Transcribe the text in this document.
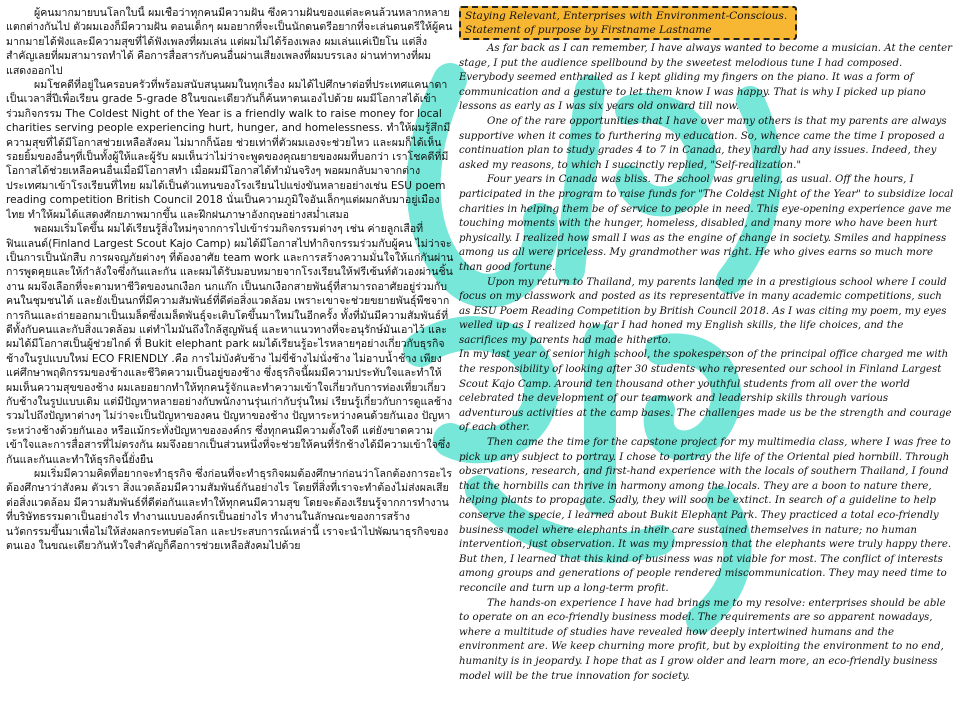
ผู้คนมากมายบนโลกใบนี้ ผมเชื่อว่าทุกคนมีความฝัน ซึ่งความฝันของแต่ละคนล้วนหลากหลาย แตกต่างกันไป ตัวผมเองก็มีความฝัน ตอนเด็กๆ ผมอยากที่จะเป็นนักดนตรีอยากที่จะเล่นดนตรีให้ผู้คนมากมายได้ฟังและมีความสุขที่ได้ฟังเพลงที่ผมเล่น แต่ผมไม่ได้ร้องเพลง ผมเล่นแค่เปียโน แต่สิ่งสำคัญเลยที่ผมสามารถทำได้ คือการสื่อสารกับคนอื่นผ่านเสียงเพลงที่ผมบรรเลง ผ่านท่าทางที่ผมแสดงออกไป

ผมโชคดีที่อยู่ในครอบครัวที่พร้อมสนับสนุนผมในทุกเรื่อง ผมได้ไปศึกษาต่อที่ประเทศแคนาดา เป็นเวลาสี่ปีเพื่อเรียน grade 5-grade 8ในขณะเดียวกันก็ค้นหาตนเองไปด้วย ผมมีโอกาสได้เข้าร่วมกิจกรรม The Coldest Night of the Year is a friendly walk to raise money for local charities serving people experiencing hurt, hunger, and homelessness. ทำให้ผมรู้สึกมีความสุขที่ได้มีโอกาสช่วยเหลือสังคม ไม่มากก็น้อย ช่วยเท่าที่ตัวผมเองจะช่วยไหว และผมก็ได้เห็นรอยยิ้มของอื่นๆที่เป็นทั้งผู้ให้และผู้รับ ผมเห็นว่าไม่ว่าจะพูดของคุณยายของผมที่บอกว่า เราโชคดีที่มีโอกาสได้ช่วยเหลือคนอื่นเมื่อมีโอกาสทำ เมื่อผมมีโอกาสได้ทำมันจริงๆ พอผมกลับมาจากต่างประเทศมาเข้าโรงเรียนที่ไทย ผมได้เป็นตัวแทนของโรงเรียนไปแข่งขันหลายอย่างเช่น ESU poem reading competition British Council 2018 นั่นเป็นความภูมิใจอันเล็กๆแต่ผมกลับมาอยู่เมืองไทย ทำให้ผมได้แสดงศักยภาพมากขึ้น และฝึกฝนภาษาอังกฤษอย่างสม่ำเสมอ

พอผมเริ่มโตขึ้น ผมได้เรียนรู้สิ่งใหม่ๆจากการไปเข้าร่วมกิจกรรมต่างๆ เช่น ค่ายลูกเสือที่ฟินแลนด์(Finland Largest Scout Kajo Camp) ผมได้มีโอกาสไปทำกิจกรรมร่วมกับผู้คน ไม่ว่าจะเป็นการเป็นนักสืบ การผจญภัยต่างๆ ที่ต้องอาศัย team work และการสร้างความมั่นใจให้แก่กันผ่านการพูดคุยและให้กำลังใจซึ่งกันและกัน และผมได้รับมอบหมายจากโรงเรียนให้ฟรีเซ้นท์ตัวเองผ่านชิ้นงาน ผมจึงเลือกที่จะตามหาชีวิตของนกเงือก นกแก๊ก เป็นนกเงือกสายพันธุ์ที่สามารถอาศัยอยู่ร่วมกับคนในชุมชนได้ และยังเป็นนกที่มีความสัมพันธ์ที่ดีต่อสิ่งแวดล้อม เพราะเขาจะช่วยขยายพันธุ์พืชจากการกินและถ่ายออกมาเป็นเมล็ดซึ่งเมล็ดพันธุ์จะเติบโตขึ้นมาใหม่ในอีกครั้ง ทั้งที่มันมีความสัมพันธ์ที่ดีทั้งกับคนและกับสิ่งแวดล้อม แต่ทำไมมันถึงใกล้สูญพันธุ์ และหาแนวทางที่จะอนุรักษ์มันเอาไว้ และผมได้มีโอกาสเป็นผู้ช่วยไกด์ ที่ Bukit elephant park ผมได้เรียนรู้อะไรหลายๆอย่างเกี่ยวกับธุรกิจช้างในรูปแบบใหม่ ECO FRIENDLY .คือ การไม่บังคับช้าง ไม่ขี่ช้างไม่นั่งช้าง ไม่อาบน้ำช้าง เพียงแค่ศึกษาพฤติกรรมของช้างและชีวิตความเป็นอยู่ของช้าง ซึ่งธุรกิจนี้ผมมีความประทับใจและทำให้ผมเห็นความสุขของช้าง ผมเลยอยากทำให้ทุกคนรู้จักและทำความเข้าใจเกี่ยวกับการท่องเที่ยวเกี่ยวกับช้างในรูปแบบเดิม แต่มีปัญหาหลายอย่างกับพนักงานรุ่นเก่ากับรุ่นใหม่ เรียนรู้เกี่ยวกับการดูแลช้าง รวมไปถึงปัญหาต่างๆ ไม่ว่าจะเป็นปัญหาของคน ปัญหาของช้าง ปัญหาระหว่างคนด้วยกันเอง ปัญหาระหว่างช้างด้วยกันเอง หรือแม้กระทั่งปัญหาขององค์กร ซึ่งทุกคนมีความตั้งใจดี แต่ยังขาดความเข้าใจและการสื่อสารที่ไม่ตรงกัน ผมจึงอยากเป็นส่วนหนึ่งที่จะช่วยให้คนที่รักช้างได้มีความเข้าใจซึ่งกันและกันและทำให้ธุรกิจนี้ยั่งยืน

ผมเริ่มมีความคิดที่อยากจะทำธุรกิจ ซึ่งก่อนที่จะทำธุรกิจผมต้องศึกษาก่อนว่าโลกต้องการอะไร ต้องศึกษาว่าสังคม ตัวเรา สิ่งแวดล้อมมีความสัมพันธ์กันอย่างไร โดยที่สิ่งที่เราจะทำต้องไม่ส่งผลเสียต่อสิ่งแวดล้อม มีความสัมพันธ์ที่ดีต่อกันและทำให้ทุกคนมีความสุข โดยจะต้องเรียนรู้จากการทำงานที่บริษัทธรรมดาเป็นอย่างไร ทำงานแบบองค์กรเป็นอย่างไร ทำงานในลักษณะของการสร้างนวัตกรรมขึ้นมาเพื่อไม่ให้ส่งผลกระทบต่อโลก และประสบการณ์เหล่านี้ เราจะนำไปพัฒนาธุรกิจของตนเอง ในขณะเดียวกันหัวใจสำคัญก็คือการช่วยเหลือสังคมไปด้วย

Staying Relevant, Enterprises with Environment-Conscious.
Statement of purpose by Firstname Lastname

As far back as I can remember, I have always wanted to become a musician. At the center stage, I put the audience spellbound by the sweetest melodious tune I had composed. Everybody seemed enthralled as I kept gliding my fingers on the piano. It was a form of communication and a gesture to let them know I was happy. That is why I picked up piano lessons as early as I was six years old onward till now.

One of the rare opportunities that I have over many others is that my parents are always supportive when it comes to furthering my education. So, whence came the time I proposed a continuation plan to study grades 4 to 7 in Canada, they hardly had any issues. Indeed, they asked my reasons, to which I succinctly replied, "Self-realization."

Four years in Canada was bliss. The school was grueling, as usual. Off the hours, I participated in the program to raise funds for "The Coldest Night of the Year" to subsidize local charities in helping them be of service to people in need. This eye-opening experience gave me touching moments with the hunger, homeless, disabled, and many more who have been hurt physically. I realized how small I was as the engine of change in society. Smiles and happiness among us all were priceless. My grandmother was right. He who gives earns so much more than good fortune.

Upon my return to Thailand, my parents landed me in a prestigious school where I could focus on my classwork and posted as its representative in many academic competitions, such as ESU Poem Reading Competition by British Council 2018. As I was citing my poem, my eyes welled up as I realized how far I had honed my English skills, the life choices, and the sacrifices my parents had made hitherto.

In my last year of senior high school, the spokesperson of the principal office charged me with the responsibility of looking after 30 students who represented our school in Finland Largest Scout Kajo Camp. Around ten thousand other youthful students from all over the world celebrated the development of our teamwork and leadership skills through various adventurous activities at the camp bases. The challenges made us be the strength and courage of each other.

Then came the time for the capstone project for my multimedia class, where I was free to pick up any subject to portray. I chose to portray the life of the Oriental pied hornbill. Through observations, research, and first-hand experience with the locals of southern Thailand, I found that the hornbills can thrive in harmony among the locals. They are a boon to nature there, helping plants to propagate. Sadly, they will soon be extinct. In search of a guideline to help conserve the specie, I learned about Bukit Elephant Park. They practiced a total eco-friendly business model where elephants in their care sustained themselves in nature; no human intervention, just observation. It was my impression that the elephants were truly happy there. But then, I learned that this kind of business was not viable for most. The conflict of interests among groups and generations of people rendered miscommunication. They may need time to reconcile and turn up a long-term profit.

The hands-on experience I have had brings me to my resolve: enterprises should be able to operate on an eco-friendly business model. The requirements are so apparent nowadays, where a multitude of studies have revealed how deeply intertwined humans and the environment are. We keep churning more profit, but by exploiting the environment to no end, humanity is in jeopardy. I hope that as I grow older and learn more, an eco-friendly business model will be the true innovation for society.
